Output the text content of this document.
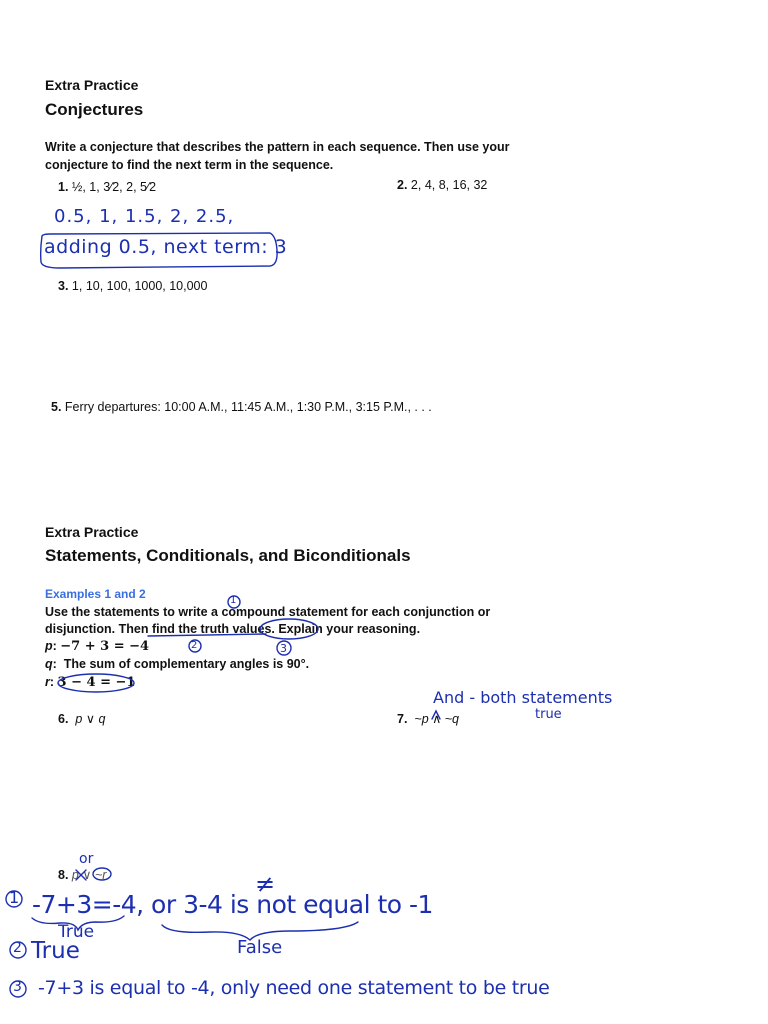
Extra Practice
Conjectures
Write a conjecture that describes the pattern in each sequence. Then use your
conjecture to find the next term in the sequence.
1. ½, 1, 3⁄2, 2, 5⁄2	2. 2, 4, 8, 16, 32
3. 1, 10, 100, 1000, 10,000
5. Ferry departures: 10:00 A.M., 11:45 A.M., 1:30 P.M., 3:15 P.M., . . .
0.5, 1, 1.5, 2, 2.5,
adding 0.5, next term: 3
Extra Practice
Statements, Conditionals, and Biconditionals
Examples 1 and 2
Use the statements to write a compound statement for each conjunction or
disjunction. Then find the truth values. Explain your reasoning.
p: −7 + 3 = −4
q:  The sum of complementary angles is 90°.
r: 3 − 4 = −1
6. p ∨ q	7. ~p ∧ ~q
8. p ∨ ~r
1
2	3
And - both statements
true
or
≠
1 -7+3=-4, or 3-4 is not equal to -1
True
False
2 True
3 -7+3 is equal to -4, only need one statement to be true
